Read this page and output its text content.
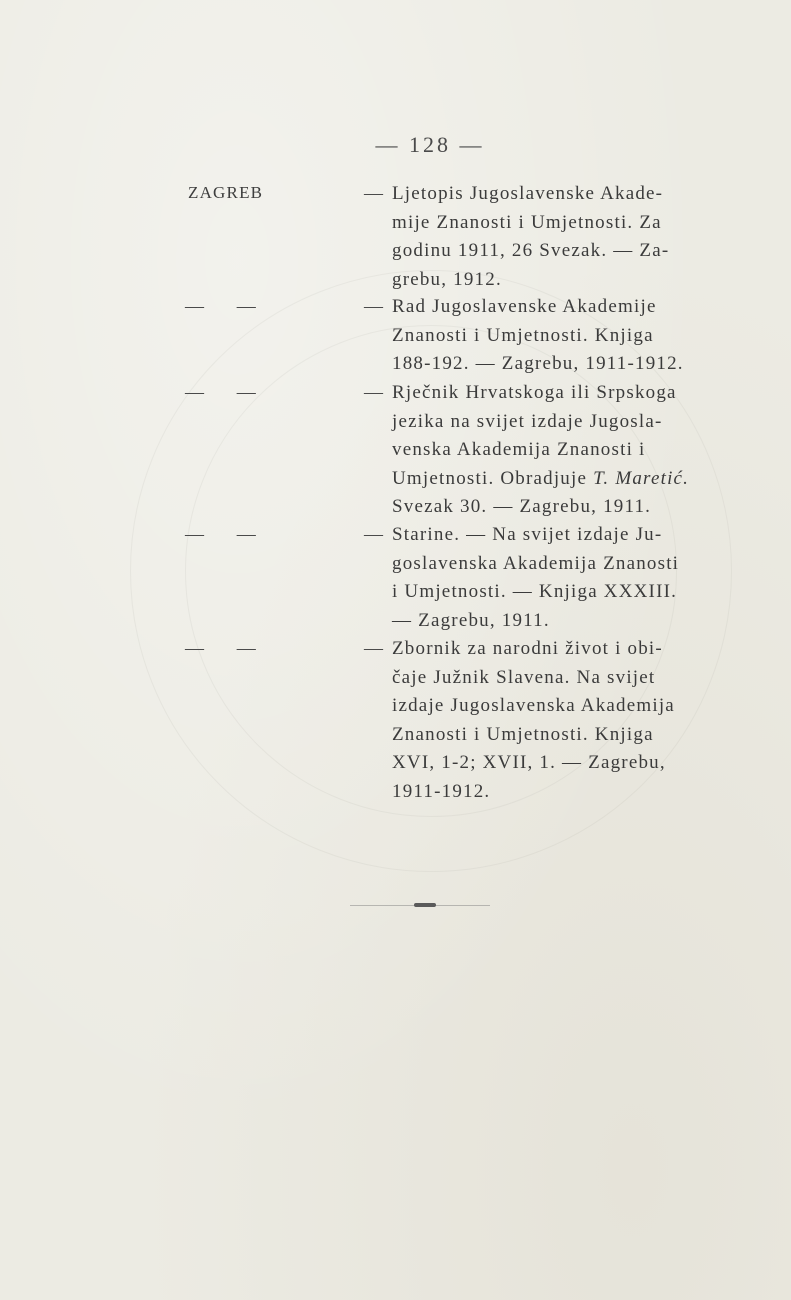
— 128 —
ZAGREB	— Ljetopis Jugoslavenske Akade-
mije Znanosti i Umjetnosti. Za
godinu 1911, 26 Svezak. — Za-
grebu, 1912.
— —	— Rad Jugoslavenske Akademije
Znanosti i Umjetnosti. Knjiga
188-192. — Zagrebu, 1911-1912.
— —	— Rječnik Hrvatskoga ili Srpskoga
jezika na svijet izdaje Jugosla-
venska Akademija Znanosti i
Umjetnosti. Obradjuje T. Maretić.
Svezak 30. — Zagrebu, 1911.
— —	— Starine. — Na svijet izdaje Ju-
goslavenska Akademija Znanosti
i Umjetnosti. — Knjiga XXXIII.
— Zagrebu, 1911.
— —	— Zbornik za narodni život i obi-
čaje Južnik Slavena. Na svijet
izdaje Jugoslavenska Akademija
Znanosti i Umjetnosti. Knjiga
XVI, 1-2; XVII, 1. — Zagrebu,
1911-1912.
